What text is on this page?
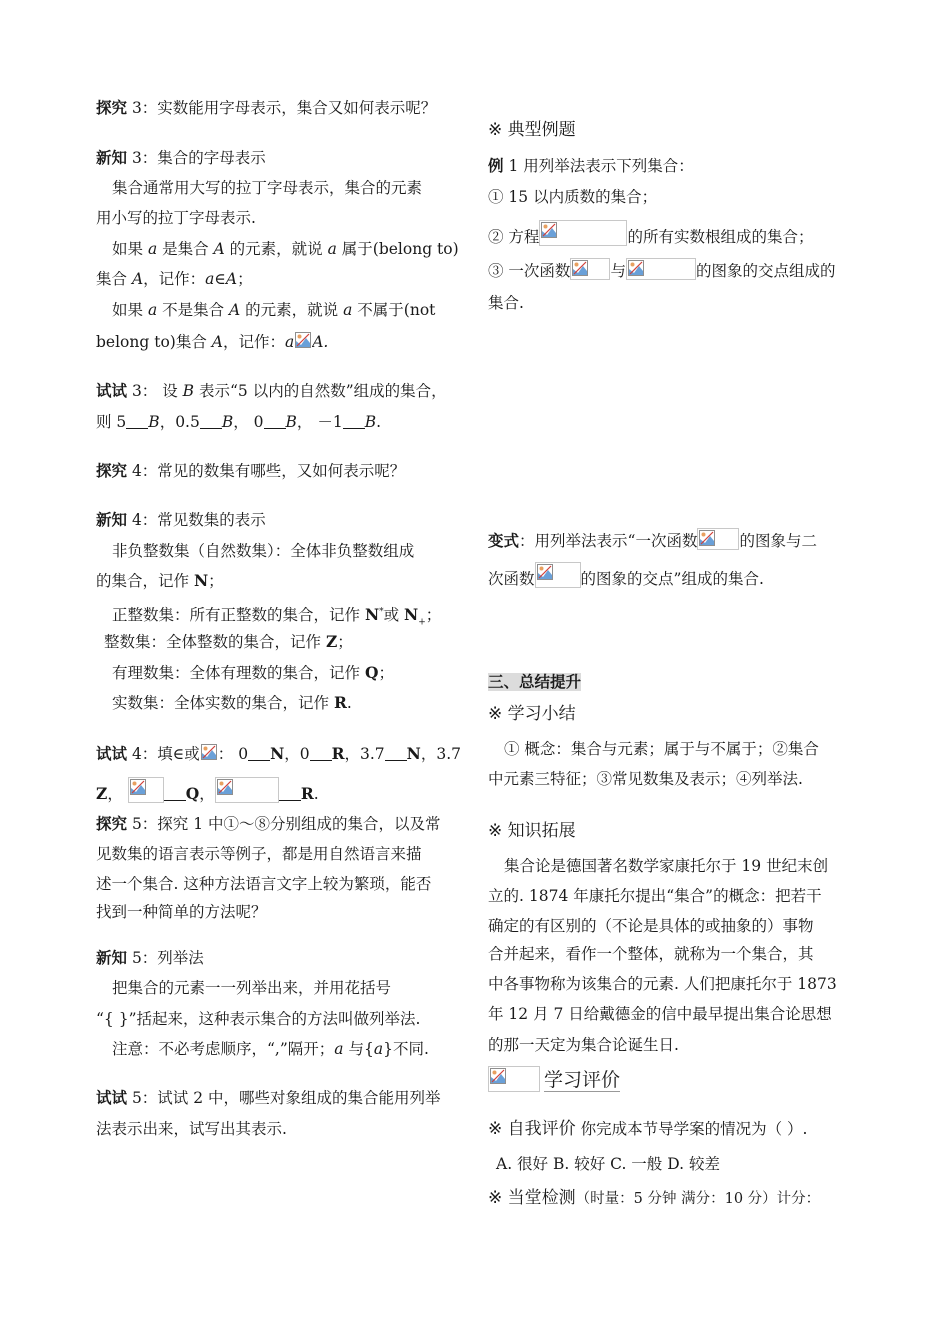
探究 3：实数能用字母表示，集合又如何表示呢？
新知 3：集合的字母表示
集合通常用大写的拉丁字母表示，集合的元素
用小写的拉丁字母表示.
如果 a 是集合 A 的元素，就说 a 属于(belong to)
集合 A，记作：a∈A；
如果 a 不是集合 A 的元素，就说 a 不属于(not
belong to)集合 A，记作：a A.
试试 3： 设 B 表示“5 以内的自然数”组成的集合，
则 5 B，0.5 B， 0 B， －1 B.
探究 4：常见的数集有哪些，又如何表示呢？
新知 4：常见数集的表示
非负整数集（自然数集）：全体非负整数组成
的集合，记作 N；
正整数集：所有正整数的集合，记作 N*或 $N_+$；
整数集：全体整数的集合，记作 Z；
有理数集：全体有理数的集合，记作 Q；
实数集：全体实数的集合，记作 R.
试试 4：填∈或 ： 0 N，0 R，3.7 N，3.7
Z，	Q，	R.
探究 5：探究 1 中①～⑧分别组成的集合，以及常
见数集的语言表示等例子，都是用自然语言来描
述一个集合. 这种方法语言文字上较为繁琐，能否
找到一种简单的方法呢？
新知 5：列举法
把集合的元素一一列举出来，并用花括号
“{ }”括起来，这种表示集合的方法叫做列举法.
注意：不必考虑顺序，“,”隔开；a 与{a}不同.
试试 5：试试 2 中，哪些对象组成的集合能用列举
法表示出来，试写出其表示.
※ 典型例题
例 1 用列举法表示下列集合：
① 15 以内质数的集合；
② 方程	的所有实数根组成的集合；
③ 一次函数	与	的图象的交点组成的
集合.
变式：用列举法表示“一次函数	的图象与二
次函数	的图象的交点”组成的集合.
三、总结提升
※ 学习小结
① 概念：集合与元素；属于与不属于；②集合
中元素三特征；③常见数集及表示；④列举法.
※ 知识拓展
集合论是德国著名数学家康托尔于 19 世纪末创
立的. 1874 年康托尔提出“集合”的概念：把若干
确定的有区别的（不论是具体的或抽象的）事物
合并起来，看作一个整体，就称为一个集合，其
中各事物称为该集合的元素. 人们把康托尔于 1873
年 12 月 7 日给戴德金的信中最早提出集合论思想
的那一天定为集合论诞生日.
学习评价
※ 自我评价 你完成本节导学案的情况为（ ）.
A. 很好 B. 较好 C. 一般 D. 较差
※ 当堂检测（时量：5 分钟 满分：10 分）计分：
